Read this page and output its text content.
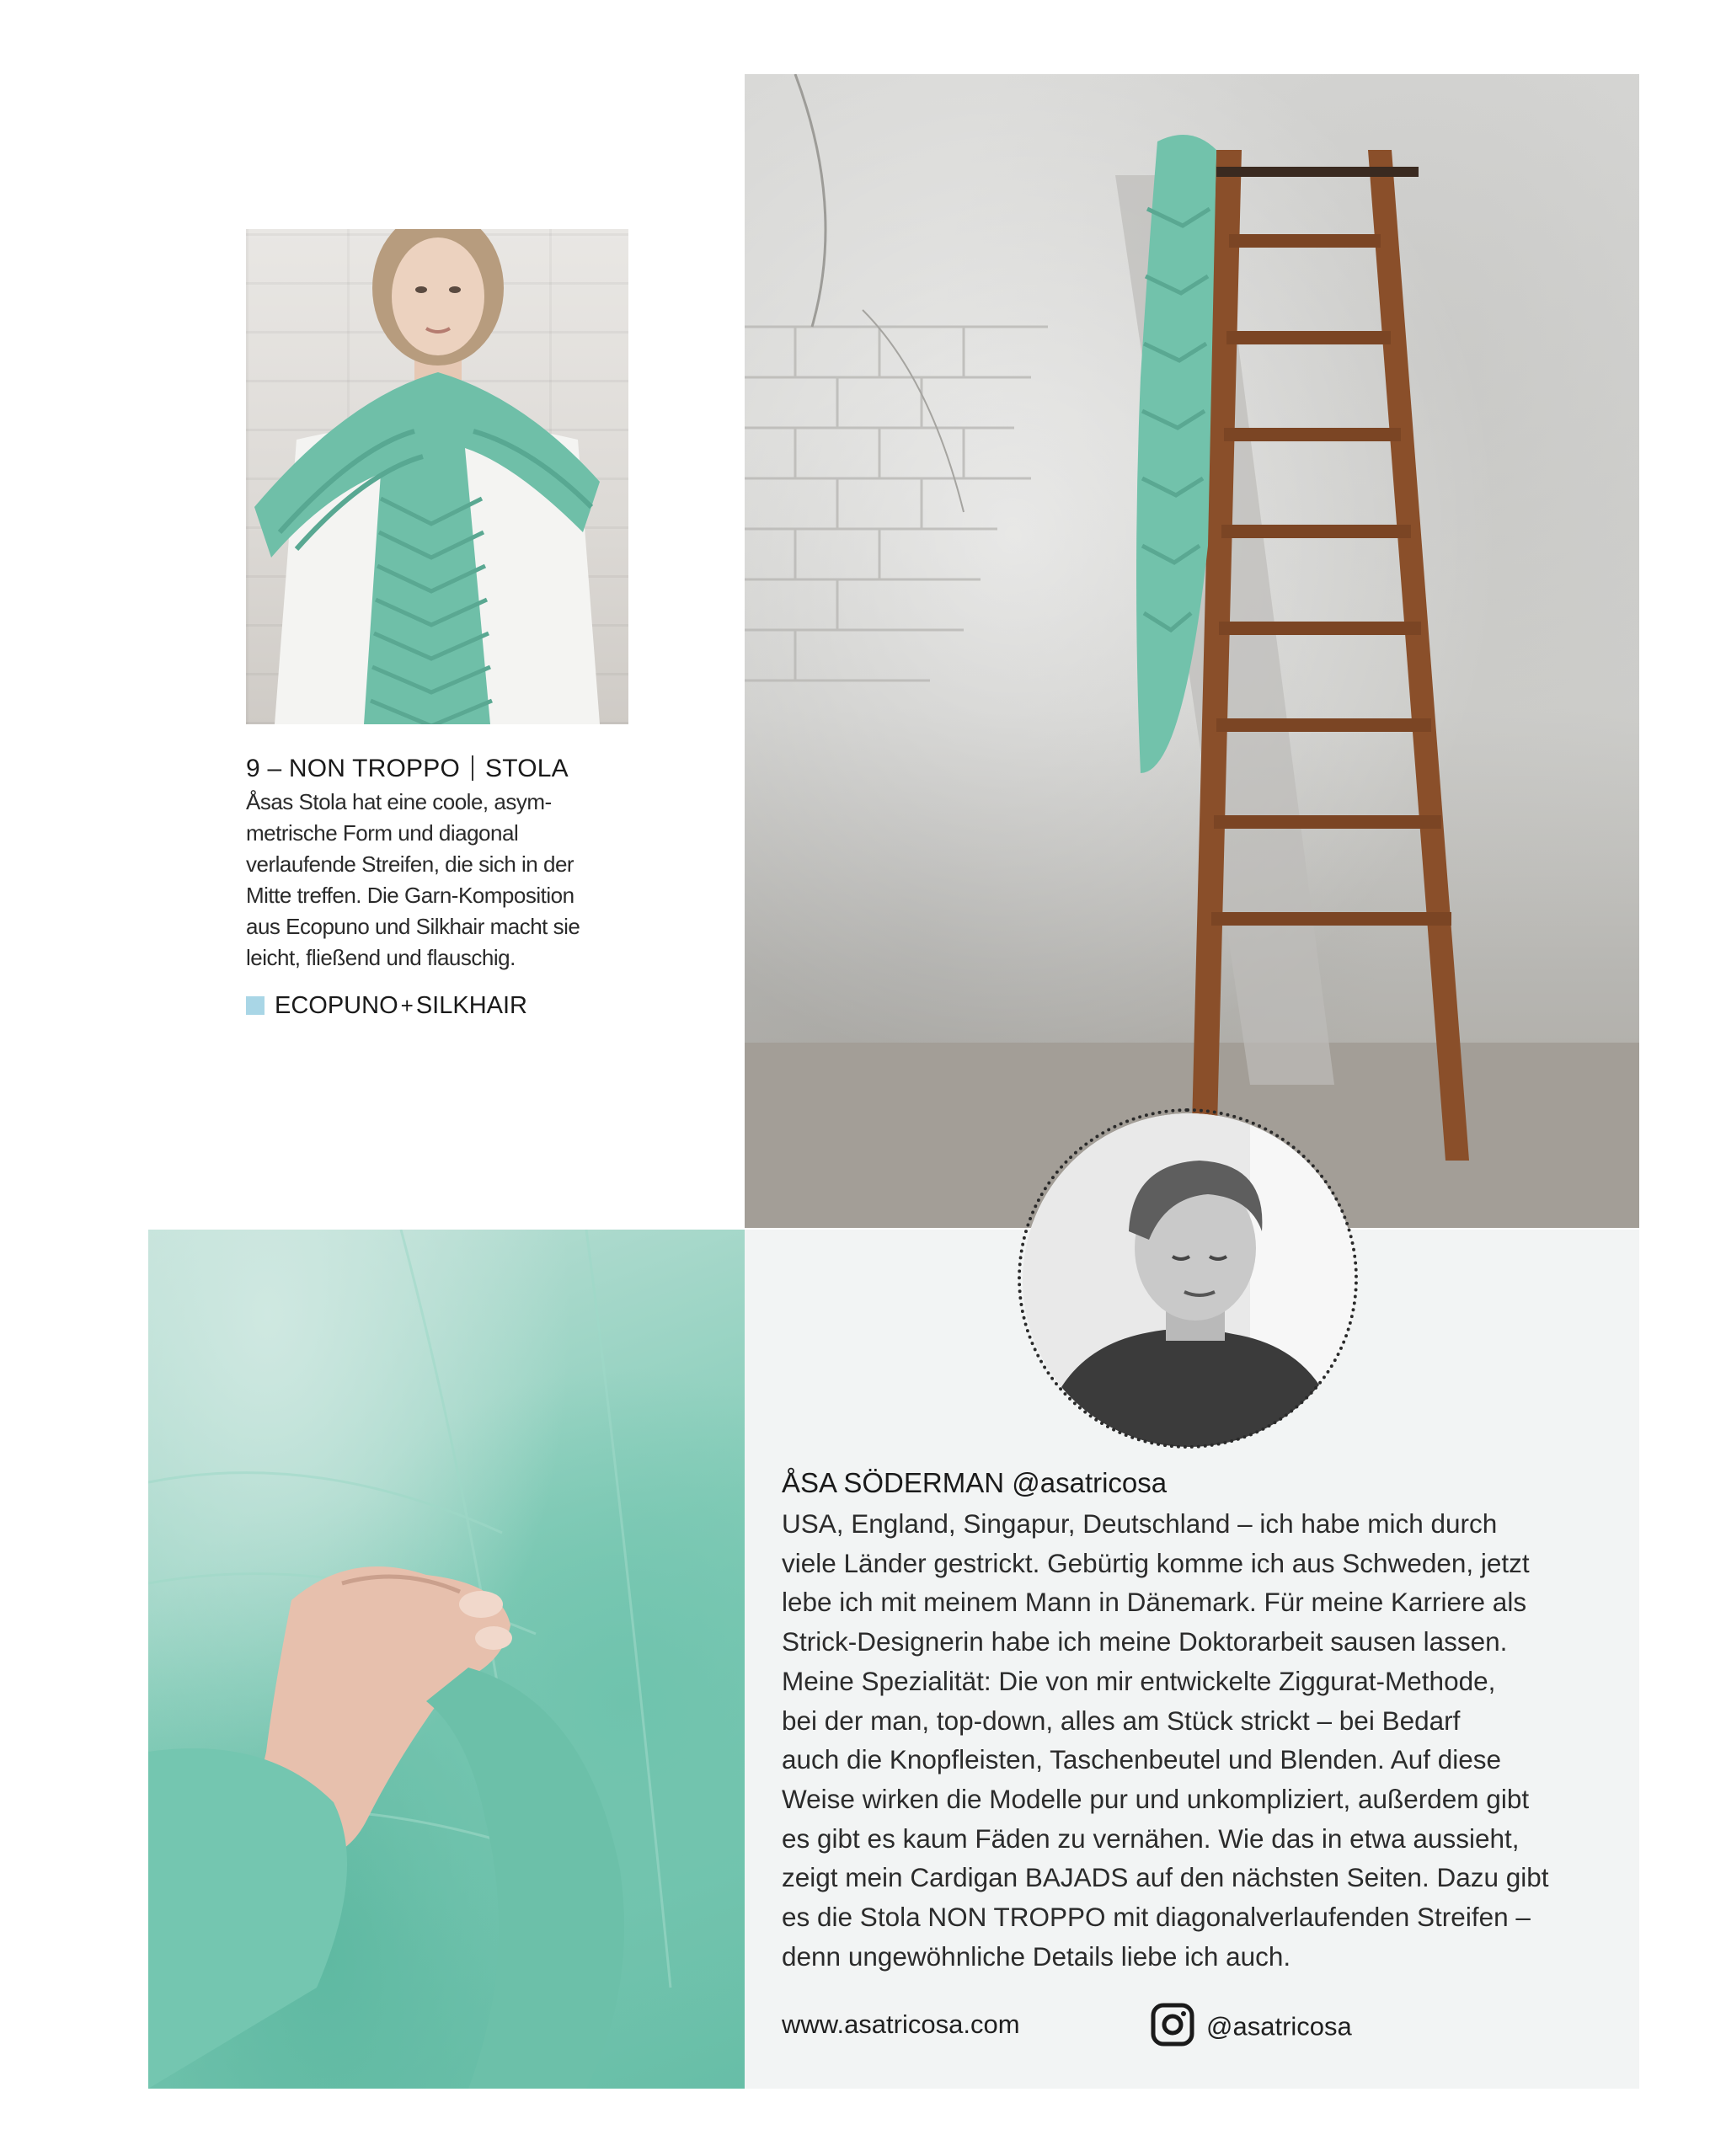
9 – NON TROPPO STOLA
Åsas Stola hat eine coole, asym-
metrische Form und diagonal
verlaufende Streifen, die sich in der
Mitte treffen. Die Garn-Komposition
aus Ecopuno und Silkhair macht sie
leicht, fließend und flauschig.
ECOPUNO + SILKHAIR
ÅSA SÖDERMAN @asatricosa
USA, England, Singapur, Deutschland – ich habe mich durch
viele Länder gestrickt. Gebürtig komme ich aus Schweden, jetzt
lebe ich mit meinem Mann in Dänemark. Für meine Karriere als
Strick-Designerin habe ich meine Doktorarbeit sausen lassen.
Meine Spezialität: Die von mir entwickelte Ziggurat-Methode,
bei der man, top-down, alles am Stück strickt – bei Bedarf
auch die Knopfleisten, Taschenbeutel und Blenden. Auf diese
Weise wirken die Modelle pur und unkompliziert, außerdem gibt
es gibt es kaum Fäden zu vernähen. Wie das in etwa aussieht,
zeigt mein Cardigan BAJADS auf den nächsten Seiten. Dazu gibt
es die Stola NON TROPPO mit diagonalverlaufenden Streifen –
denn ungewöhnliche Details liebe ich auch.
www.asatricosa.com	@asatricosa
